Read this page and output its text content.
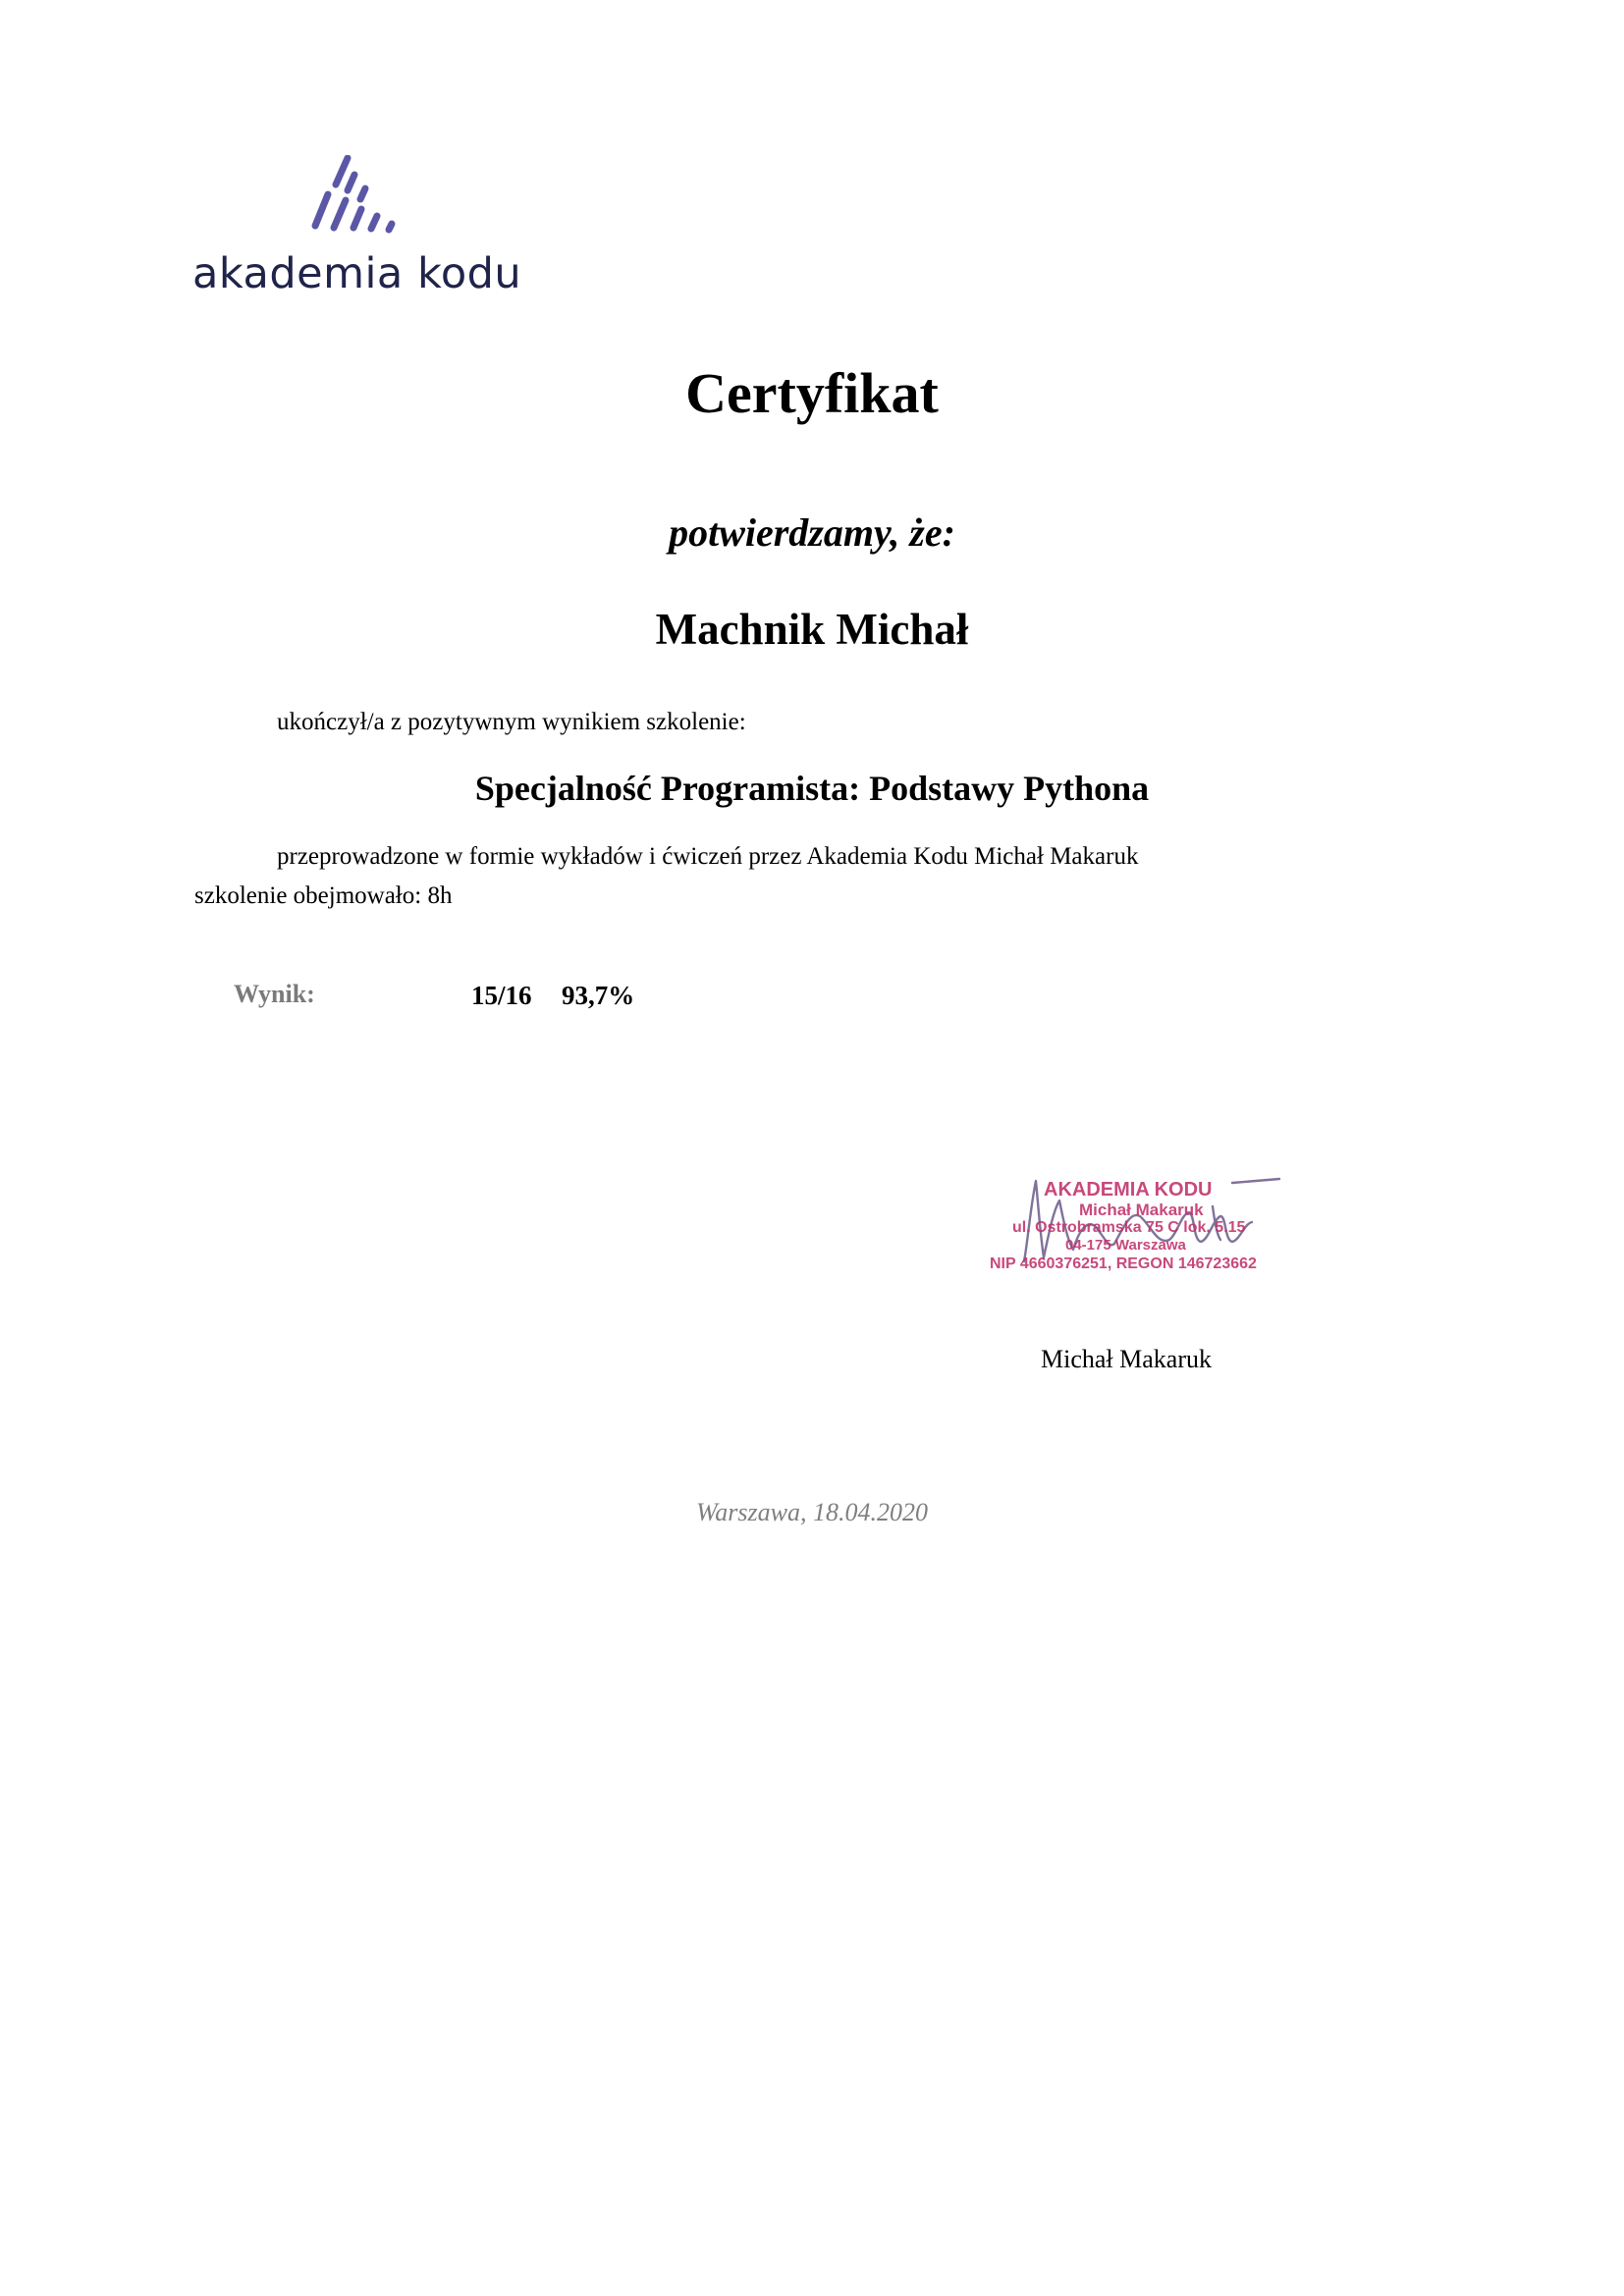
akademia kodu
Certyfikat
potwierdzamy, że:
Machnik Michał
ukończył/a z pozytywnym wynikiem szkolenie:
Specjalność Programista: Podstawy Pythona
przeprowadzone w formie wykładów i ćwiczeń przez Akademia Kodu Michał Makaruk
szkolenie obejmowało: 8h
Wynik:	15/16 93,7%
AKADEMIA KODU
Michał Makaruk
ul. Ostrobramska 75 C lok. 5.15
04-175 Warszawa
NIP 4660376251, REGON 146723662
Michał Makaruk
Warszawa, 18.04.2020
